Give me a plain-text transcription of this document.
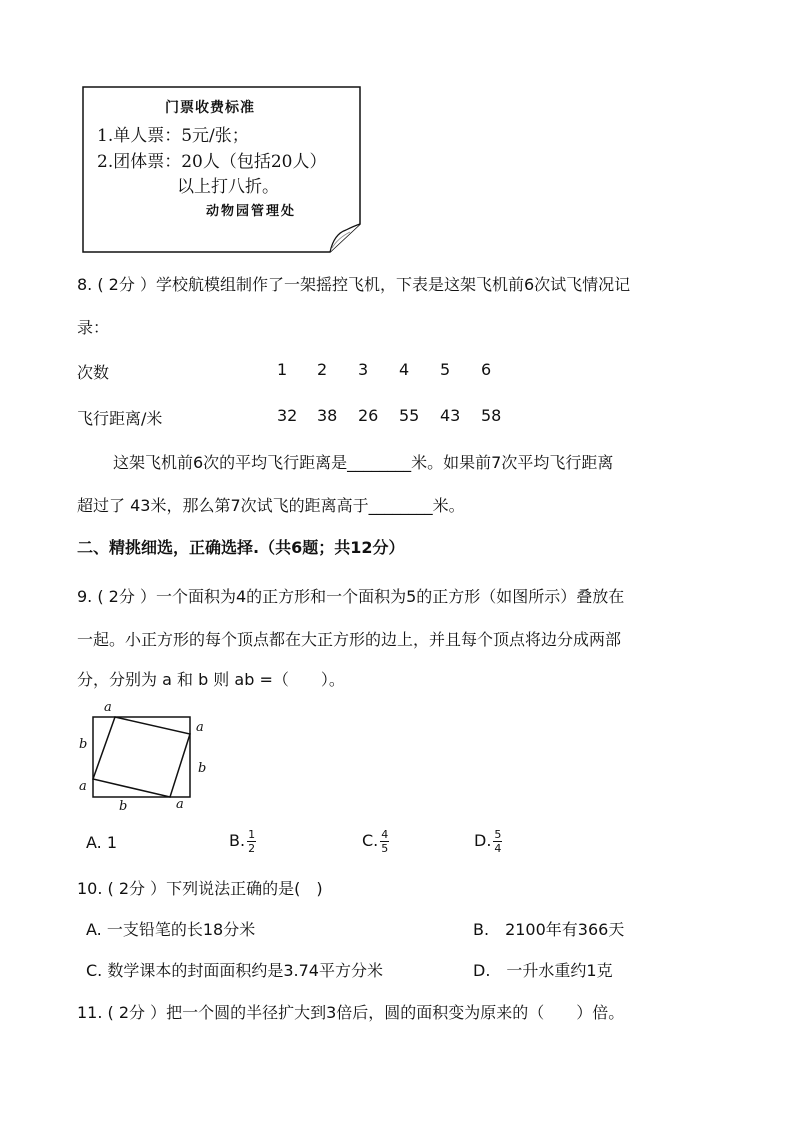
门票收费标准
1.单人票：5元/张；
2.团体票：20人（包括20人）
以上打八折。
动物园管理处
8. ( 2分 ）学校航模组制作了一架摇控飞机，下表是这架飞机前6次试飞情况记
录：
次数	1 2 3 4 5 6
飞行距离/米	32 38 26 55 43 58
这架飞机前6次的平均飞行距离是________米。如果前7次平均飞行距离
超过了 43米，那么第7次试飞的距离高于________米。
二、精挑细选，正确选择.（共6题；共12分）
9. ( 2分 ）一个面积为4的正方形和一个面积为5的正方形（如图所示）叠放在
一起。小正方形的每个顶点都在大正方形的边上，并且每个顶点将边分成两部
分，分别为 a 和 b 则 ab =（　　）。
a
a
b
b
a
b	a
A. 1	B. $\frac{1}{2}$	C. $\frac{4}{5}$	D. $\frac{5}{4}$
10. ( 2分 ）下列说法正确的是(　)
A. 一支铅笔的长18分米	B.　2100年有366天
C. 数学课本的封面面积约是3.74平方分米	D.　一升水重约1克
11. ( 2分 ）把一个圆的半径扩大到3倍后，圆的面积变为原来的（　　）倍。
